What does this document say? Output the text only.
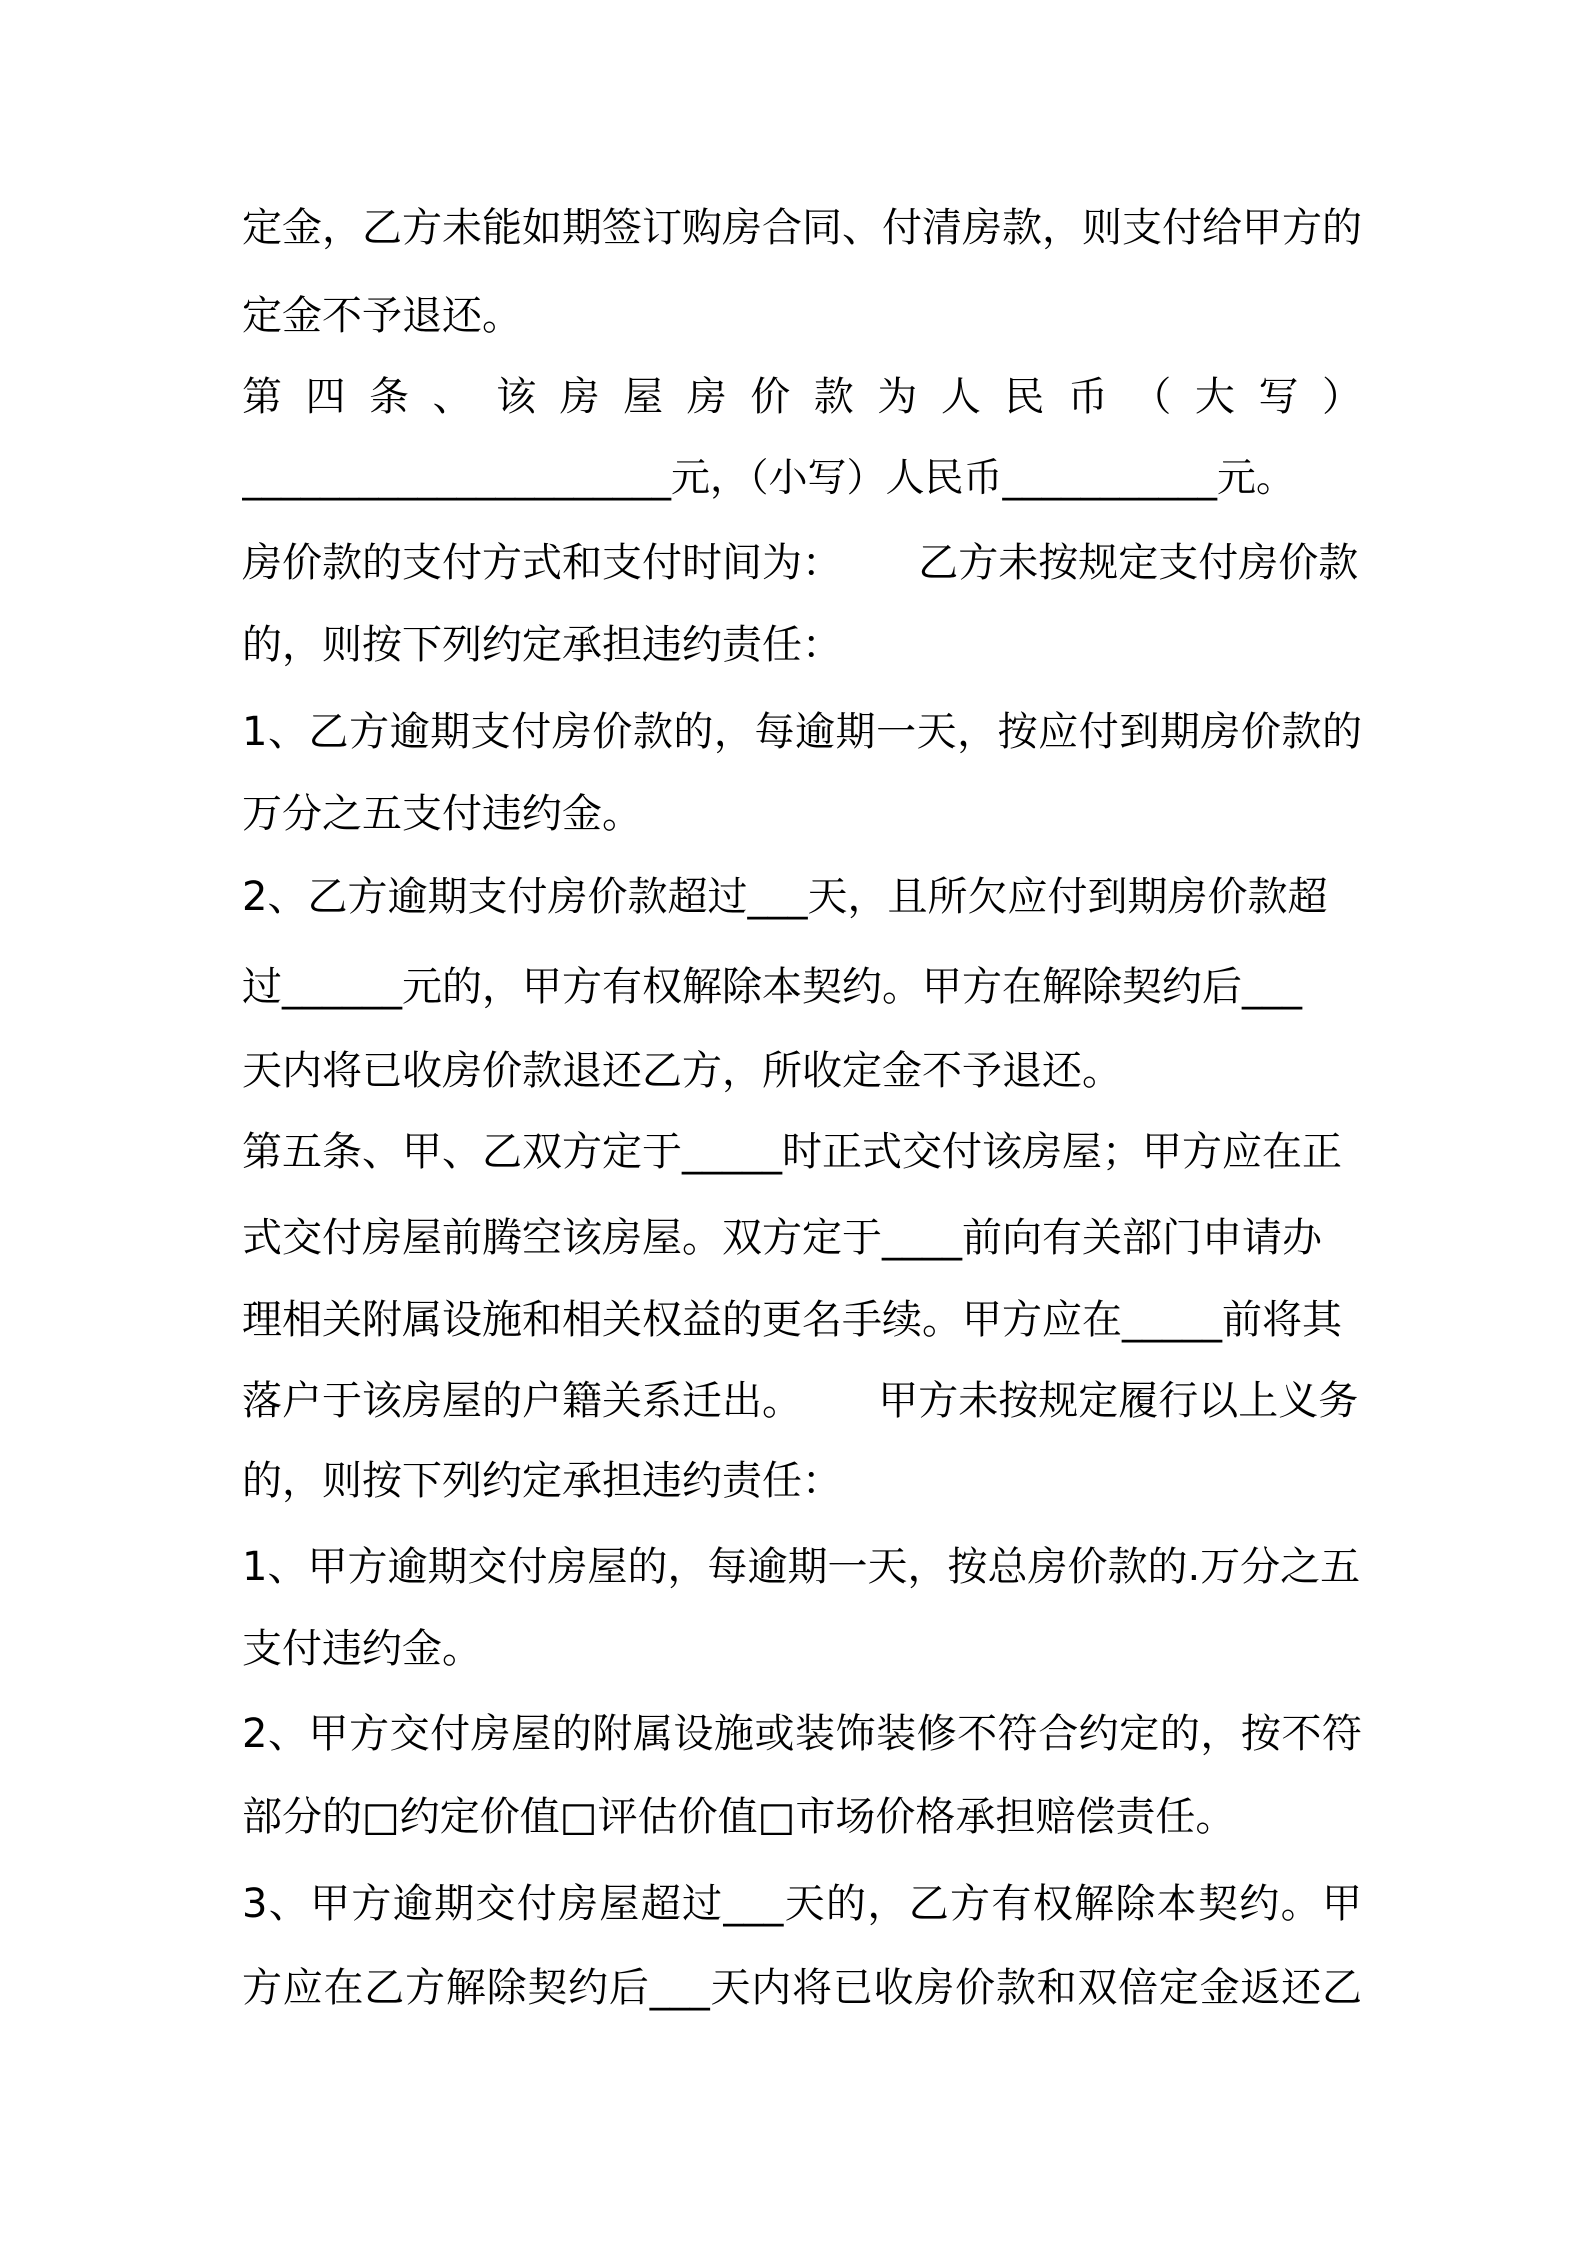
定金，乙方未能如期签订购房合同、付清房款，则支付给甲方的
定金不予退还。
第 四 条 、 该 房 屋 房 价 款 为 人 民 币 （ 大 写 ）
______________________元，（小写）人民币___________元。
房价款的支付方式和支付时间为：      乙方未按规定支付房价款
的，则按下列约定承担违约责任：
1、乙方逾期支付房价款的，每逾期一天，按应付到期房价款的
万分之五支付违约金。
2、乙方逾期支付房价款超过___天，且所欠应付到期房价款超
过______元的，甲方有权解除本契约。甲方在解除契约后___
天内将已收房价款退还乙方，所收定金不予退还。
第五条、甲、乙双方定于_____时正式交付该房屋；甲方应在正
式交付房屋前腾空该房屋。双方定于____前向有关部门申请办
理相关附属设施和相关权益的更名手续。甲方应在_____前将其
落户于该房屋的户籍关系迁出。      甲方未按规定履行以上义务
的，则按下列约定承担违约责任：
1、甲方逾期交付房屋的，每逾期一天，按总房价款的.万分之五
支付违约金。
2、甲方交付房屋的附属设施或装饰装修不符合约定的，按不符
部分的□约定价值□评估价值□市场价格承担赔偿责任。
3、甲方逾期交付房屋超过___天的，乙方有权解除本契约。甲
方应在乙方解除契约后___天内将已收房价款和双倍定金返还乙
